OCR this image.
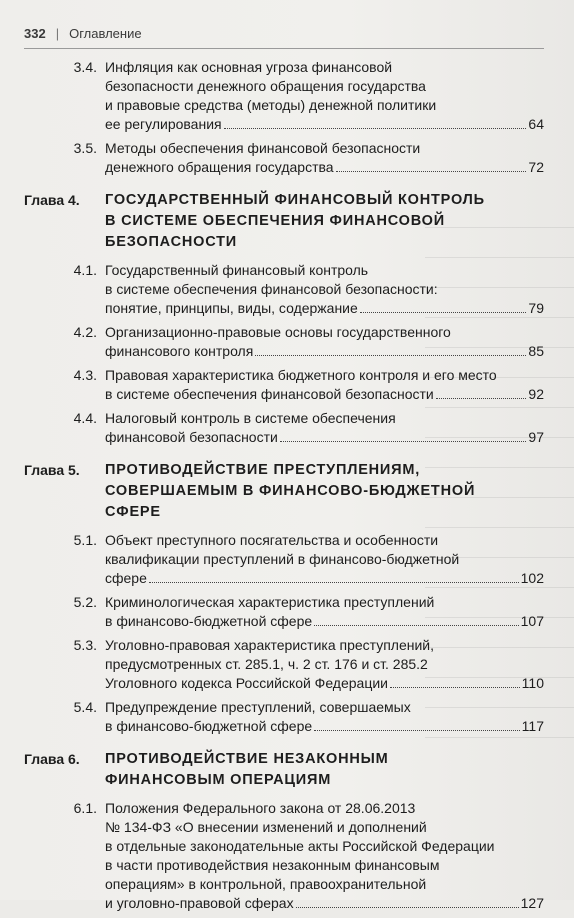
332 | Оглавление
3.4. Инфляция как основная угроза финансовой
безопасности денежного обращения государства
и правовые средства (методы) денежной политики
ее регулирования	64
3.5. Методы обеспечения финансовой безопасности
денежного обращения государства	72
Глава 4.	ГОСУДАРСТВЕННЫЙ ФИНАНСОВЫЙ КОНТРОЛЬ
В СИСТЕМЕ ОБЕСПЕЧЕНИЯ ФИНАНСОВОЙ
БЕЗОПАСНОСТИ
4.1. Государственный финансовый контроль
в системе обеспечения финансовой безопасности:
понятие, принципы, виды, содержание	79
4.2. Организационно-правовые основы государственного
финансового контроля	85
4.3. Правовая характеристика бюджетного контроля и его место
в системе обеспечения финансовой безопасности	92
4.4. Налоговый контроль в системе обеспечения
финансовой безопасности	97
Глава 5.	ПРОТИВОДЕЙСТВИЕ ПРЕСТУПЛЕНИЯМ,
СОВЕРШАЕМЫМ В ФИНАНСОВО-БЮДЖЕТНОЙ
СФЕРЕ
5.1. Объект преступного посягательства и особенности
квалификации преступлений в финансово-бюджетной
сфере	102
5.2. Криминологическая характеристика преступлений
в финансово-бюджетной сфере	107
5.3. Уголовно-правовая характеристика преступлений,
предусмотренных ст. 285.1, ч. 2 ст. 176 и ст. 285.2
Уголовного кодекса Российской Федерации	110
5.4. Предупреждение преступлений, совершаемых
в финансово-бюджетной сфере	117
Глава 6.	ПРОТИВОДЕЙСТВИЕ НЕЗАКОННЫМ
ФИНАНСОВЫМ ОПЕРАЦИЯМ
6.1. Положения Федерального закона от 28.06.2013
№ 134-ФЗ «О внесении изменений и дополнений
в отдельные законодательные акты Российской Федерации
в части противодействия незаконным финансовым
операциям» в контрольной, правоохранительной
и уголовно-правовой сферах	127
